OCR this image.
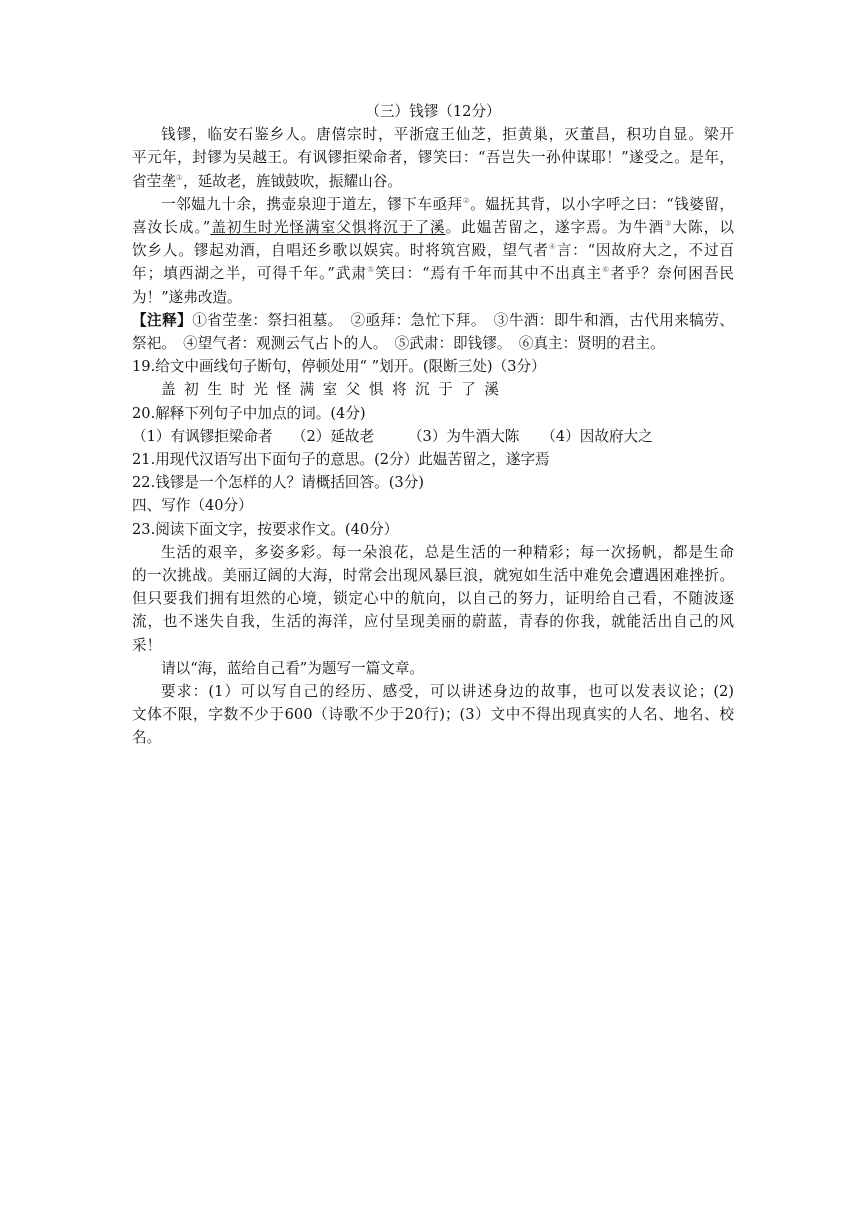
（三）钱镠（12分）
钱镠，临安石鉴乡人。唐僖宗时，平浙寇王仙芝，拒黄巢，灭董昌，积功自显。梁开
平元年，封镠为吴越王。有讽镠拒梁命者，镠笑曰：“吾岂失一孙仲谋耶！”遂受之。是年，
省茔垄①，延故老，旌钺鼓吹，振耀山谷。
一邻媪九十余，携壶泉迎于道左，镠下车亟拜②。媪抚其背，以小字呼之曰：“钱婆留，
喜汝长成。”盖初生时光怪满室父惧将沉于了溪。此媪苦留之，遂字焉。为牛酒③大陈，以
饮乡人。镠起劝酒，自唱还乡歌以娱宾。时将筑宫殿，望气者④言：“因故府大之，不过百
年；填西湖之半，可得千年。”武肃⑤笑曰：“焉有千年而其中不出真主⑥者乎？奈何困吾民
为！”遂弗改造。
【注释】①省茔垄：祭扫祖墓。　②亟拜：急忙下拜。　③牛酒：即牛和酒，古代用来犒劳、
祭祀。　④望气者：观测云气占卜的人。　⑤武肃：即钱镠。　⑥真主：贤明的君主。
19.给文中画线句子断句，停顿处用“ ”划开。(限断三处)（3分）
盖初生时光怪满室父惧将沉于了溪
20.解释下列句子中加点的词。(4分)
（1）有讽镠拒梁命者　 （2）延故老　　 （3）为牛酒大陈　　（4）因故府大之
21.用现代汉语写出下面句子的意思。(2分）此媪苦留之，遂字焉
22.钱镠是一个怎样的人？请概括回答。(3分)
四、写作（40分）
23.阅读下面文字，按要求作文。(40分）
生活的艰辛，多姿多彩。每一朵浪花，总是生活的一种精彩；每一次扬帆，都是生命
的一次挑战。美丽辽阔的大海，时常会出现风暴巨浪，就宛如生活中难免会遭遇困难挫折。
但只要我们拥有坦然的心境，锁定心中的航向，以自己的努力，证明给自己看，不随波逐
流，也不迷失自我，生活的海洋，应付呈现美丽的蔚蓝，青春的你我，就能活出自己的风
采！
请以“海，蓝给自己看”为题写一篇文章。
要求：(1）可以写自己的经历、感受，可以讲述身边的故事，也可以发表议论；(2)
文体不限，字数不少于600（诗歌不少于20行)；(3）文中不得出现真实的人名、地名、校
名。
